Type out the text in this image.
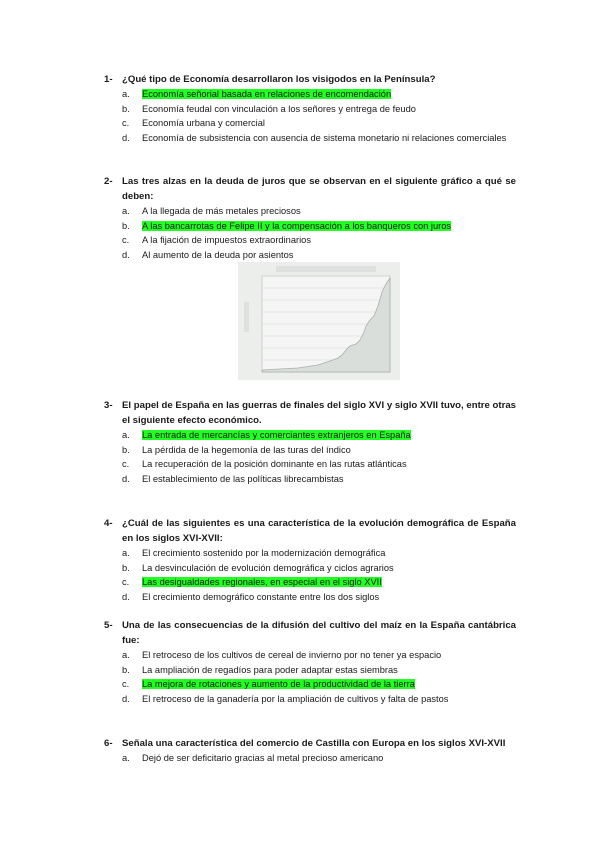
1- ¿Qué tipo de Economía desarrollaron los visigodos en la Península?
a.	Economía señorial basada en relaciones de encomendación
b.	Economía feudal con vinculación a los señores y entrega de feudo
c.	Economía urbana y comercial
d.	Economía de subsistencia con ausencia de sistema monetario ni relaciones comerciales
2- Las tres alzas en la deuda de juros que se observan en el siguiente gráfico a qué se deben:
a.	A la llegada de más metales preciosos
b.	A las bancarrotas de Felipe II y la compensación a los banqueros con juros
c.	A la fijación de impuestos extraordinarios
d.	Al aumento de la deuda por asientos
3- El papel de España en las guerras de finales del siglo XVI y siglo XVII tuvo, entre otras el siguiente efecto económico.
a.	La entrada de mercancías y comerciantes extranjeros en España
b.	La pérdida de la hegemonía de las turas del índico
c.	La recuperación de la posición dominante en las rutas atlánticas
d.	El establecimiento de las políticas librecambistas
4- ¿Cuál de las siguientes es una característica de la evolución demográfica de España en los siglos XVI-XVII:
a.	El crecimiento sostenido por la modernización demográfica
b.	La desvinculación de evolución demográfica y ciclos agrarios
c.	Las desigualdades regionales, en especial en el siglo XVII
d.	El crecimiento demográfico constante entre los dos siglos
5- Una de las consecuencias de la difusión del cultivo del maíz en la España cantábrica fue:
a.	El retroceso de los cultivos de cereal de invierno por no tener ya espacio
b.	La ampliación de regadíos para poder adaptar estas siembras
c.	La mejora de rotaciones y aumento de la productividad de la tierra
d.	El retroceso de la ganadería por la ampliación de cultivos y falta de pastos
6- Señala una característica del comercio de Castilla con Europa en los siglos XVI-XVII
a.	Dejó de ser deficitario gracias al metal precioso americano
